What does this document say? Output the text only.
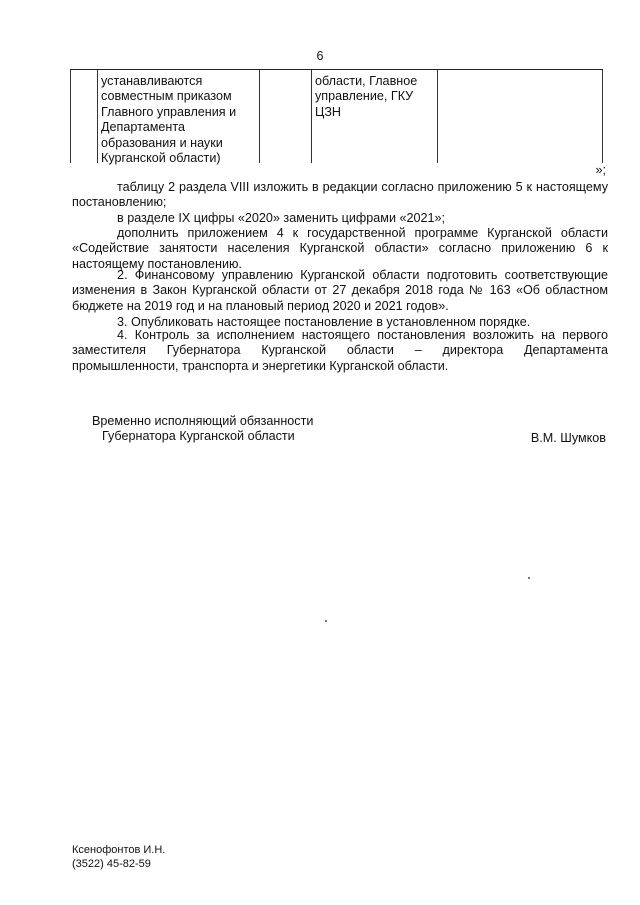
6
устанавливаются
совместным приказом
Главного управления и
Департамента
образования и науки
Курганской области)
области, Главное
управление, ГКУ
ЦЗН
»;

таблицу 2 раздела VIII изложить в редакции согласно приложению 5 к настоящему постановлению;

в разделе IX цифры «2020» заменить цифрами «2021»;

дополнить приложением 4 к государственной программе Курганской области «Содействие занятости населения Курганской области» согласно приложению 6 к настоящему постановлению.

2. Финансовому управлению Курганской области подготовить соответствующие изменения в Закон Курганской области от 27 декабря 2018 года № 163 «Об областном бюджете на 2019 год и на плановый период 2020 и 2021 годов».

3. Опубликовать настоящее постановление в установленном порядке.

4. Контроль за исполнением настоящего постановления возложить на первого заместителя Губернатора Курганской области – директора Департамента промышленности, транспорта и энергетики Курганской области.

Временно исполняющий обязанности
Губернатора Курганской области	В.М. Шумков
Ксенофонтов И.Н.
(3522) 45-82-59
